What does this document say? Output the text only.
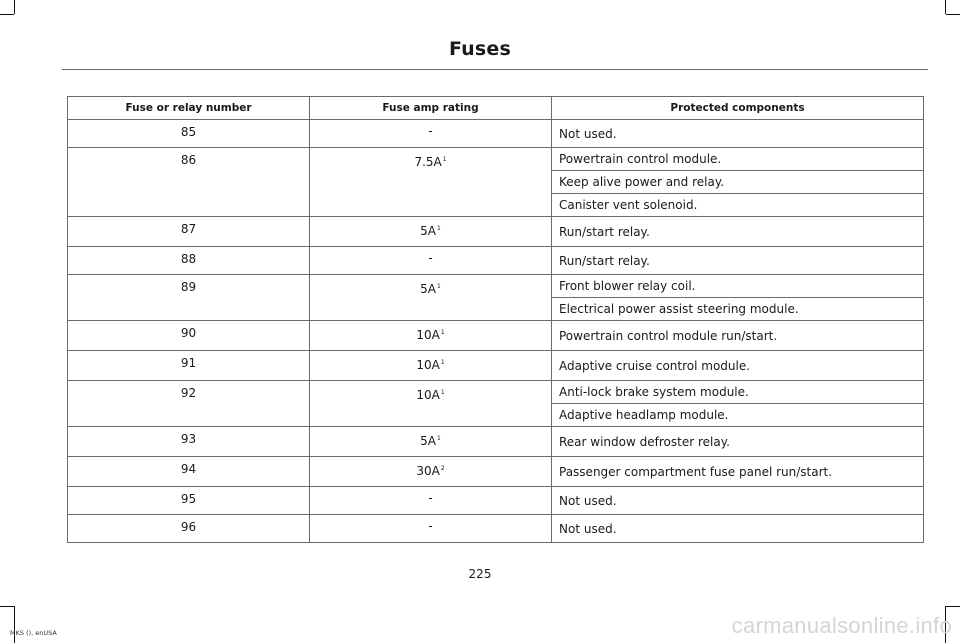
Fuses
Fuse or relay number	Fuse amp rating	Protected components
85	-	Not used.
86	$7.5A^1$	Powertrain control module.
		Keep alive power and relay.
		Canister vent solenoid.
87	$5A^1$	Run/start relay.
88	-	Run/start relay.
89	$5A^1$	Front blower relay coil.
		Electrical power assist steering module.
90	$10A^1$	Powertrain control module run/start.
91	$10A^1$	Adaptive cruise control module.
92	$10A^1$	Anti-lock brake system module.
		Adaptive headlamp module.
93	$5A^1$	Rear window defroster relay.
94	$30A^2$	Passenger compartment fuse panel run/start.
95	-	Not used.
96	-	Not used.
225
MKS (), enUSA	carmanualsonline.info
